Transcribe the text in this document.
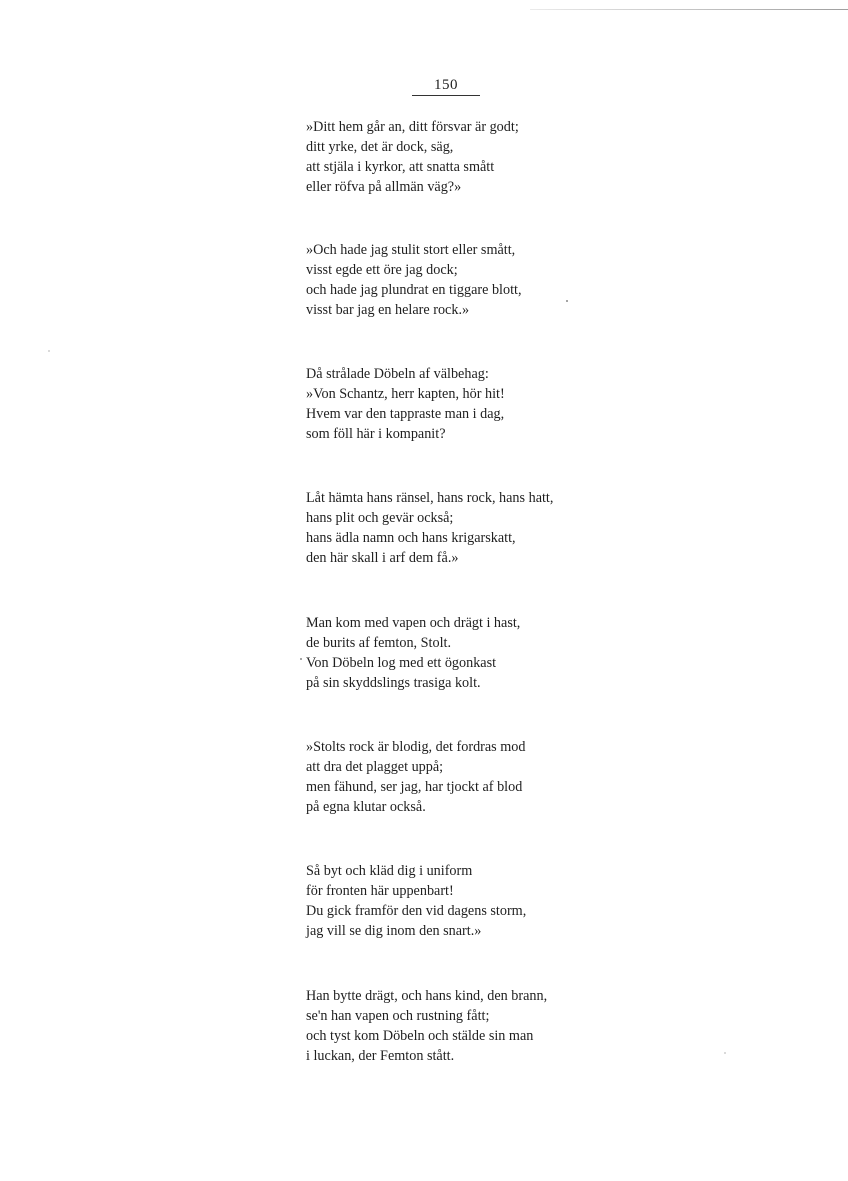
150
»Ditt hem går an, ditt försvar är godt;
ditt yrke, det är dock, säg,
att stjäla i kyrkor, att snatta smått
eller röfva på allmän väg?»
»Och hade jag stulit stort eller smått,
visst egde ett öre jag dock;
och hade jag plundrat en tiggare blott,
visst bar jag en helare rock.»
Då strålade Döbeln af välbehag:
»Von Schantz, herr kapten, hör hit!
Hvem var den tappraste man i dag,
som föll här i kompanit?
Låt hämta hans ränsel, hans rock, hans hatt,
hans plit och gevär också;
hans ädla namn och hans krigarskatt,
den här skall i arf dem få.»
Man kom med vapen och drägt i hast,
de burits af femton, Stolt.
Von Döbeln log med ett ögonkast
på sin skyddslings trasiga kolt.
»Stolts rock är blodig, det fordras mod
att dra det plagget uppå;
men fähund, ser jag, har tjockt af blod
på egna klutar också.
Så byt och kläd dig i uniform
för fronten här uppenbart!
Du gick framför den vid dagens storm,
jag vill se dig inom den snart.»
Han bytte drägt, och hans kind, den brann,
se'n han vapen och rustning fått;
och tyst kom Döbeln och stälde sin man
i luckan, der Femton stått.
